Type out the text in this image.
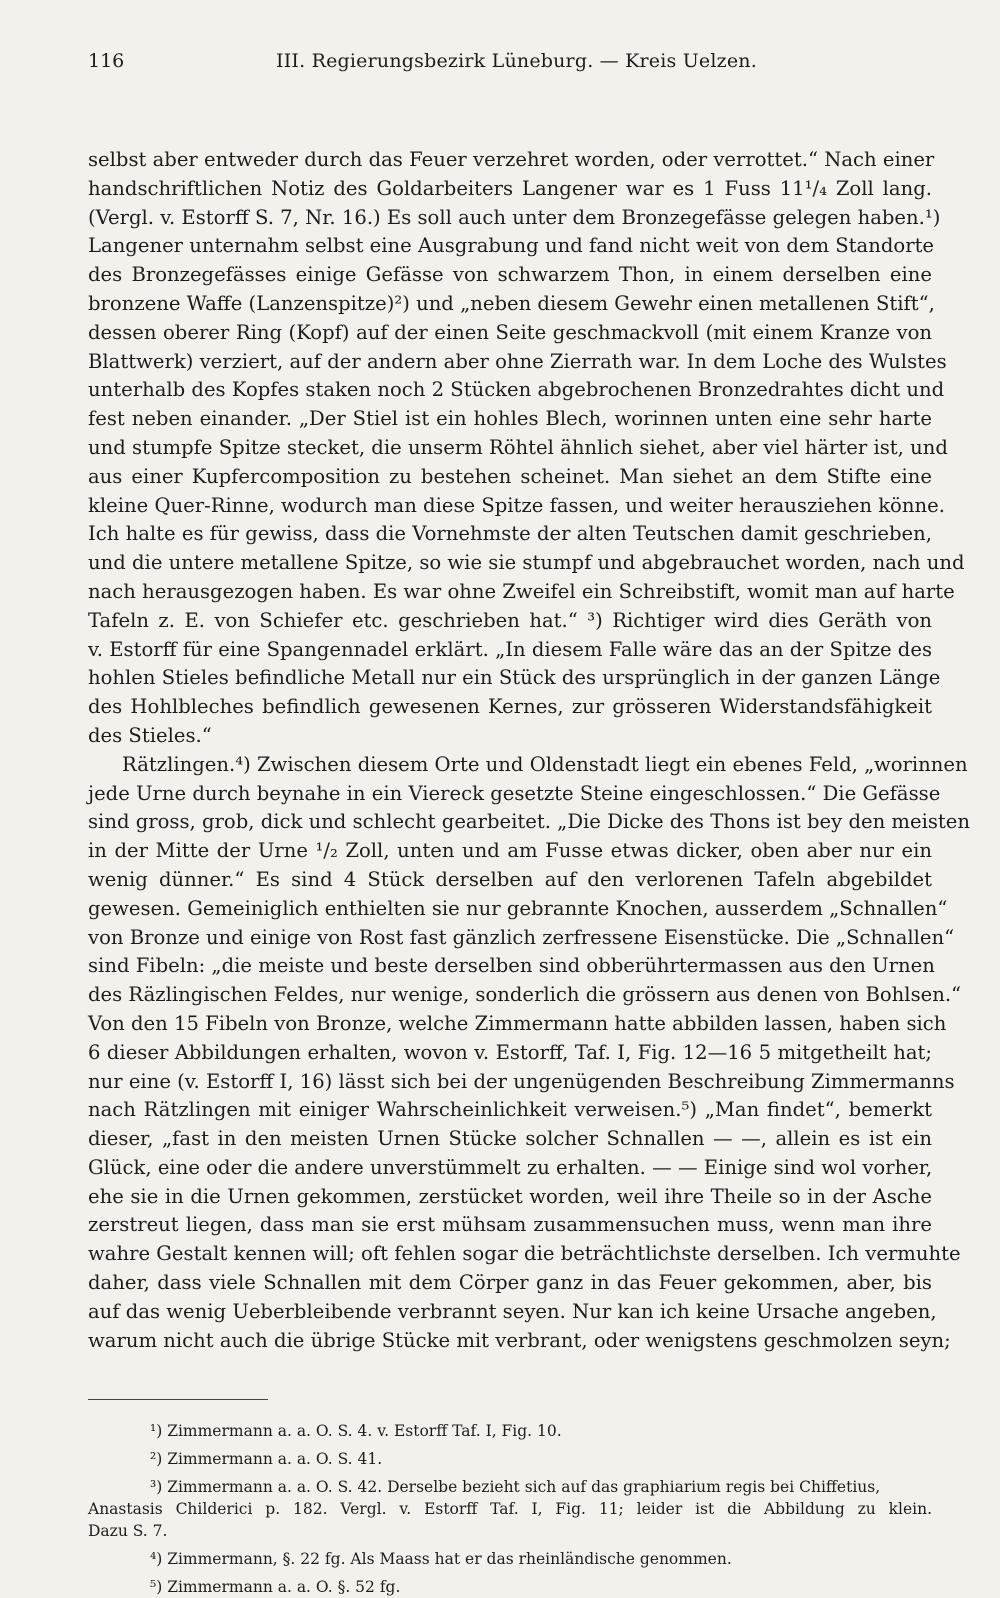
116	III. Regierungsbezirk Lüneburg. — Kreis Uelzen.
selbst aber entweder durch das Feuer verzehret worden, oder verrottet.“ Nach einer
handschriftlichen Notiz des Goldarbeiters Langener war es 1 Fuss 11¹/₄ Zoll lang.
(Vergl. v. Estorff S. 7, Nr. 16.) Es soll auch unter dem Bronzegefässe gelegen haben.¹)
Langener unternahm selbst eine Ausgrabung und fand nicht weit von dem Standorte
des Bronzegefässes einige Gefässe von schwarzem Thon, in einem derselben eine
bronzene Waffe (Lanzenspitze)²) und „neben diesem Gewehr einen metallenen Stift“,
dessen oberer Ring (Kopf) auf der einen Seite geschmackvoll (mit einem Kranze von
Blattwerk) verziert, auf der andern aber ohne Zierrath war. In dem Loche des Wulstes
unterhalb des Kopfes staken noch 2 Stücken abgebrochenen Bronzedrahtes dicht und
fest neben einander. „Der Stiel ist ein hohles Blech, worinnen unten eine sehr harte
und stumpfe Spitze stecket, die unserm Röhtel ähnlich siehet, aber viel härter ist, und
aus einer Kupfercomposition zu bestehen scheinet. Man siehet an dem Stifte eine
kleine Quer-Rinne, wodurch man diese Spitze fassen, und weiter herausziehen könne.
Ich halte es für gewiss, dass die Vornehmste der alten Teutschen damit geschrieben,
und die untere metallene Spitze, so wie sie stumpf und abgebrauchet worden, nach und
nach herausgezogen haben. Es war ohne Zweifel ein Schreibstift, womit man auf harte
Tafeln z. E. von Schiefer etc. geschrieben hat.“ ³) Richtiger wird dies Geräth von
v. Estorff für eine Spangennadel erklärt. „In diesem Falle wäre das an der Spitze des
hohlen Stieles befindliche Metall nur ein Stück des ursprünglich in der ganzen Länge
des Hohlbleches befindlich gewesenen Kernes, zur grösseren Widerstandsfähigkeit
des Stieles.“
Rätzlingen.⁴) Zwischen diesem Orte und Oldenstadt liegt ein ebenes Feld, „worinnen
jede Urne durch beynahe in ein Viereck gesetzte Steine eingeschlossen.“ Die Gefässe
sind gross, grob, dick und schlecht gearbeitet. „Die Dicke des Thons ist bey den meisten
in der Mitte der Urne ¹/₂ Zoll, unten und am Fusse etwas dicker, oben aber nur ein
wenig dünner.“ Es sind 4 Stück derselben auf den verlorenen Tafeln abgebildet
gewesen. Gemeiniglich enthielten sie nur gebrannte Knochen, ausserdem „Schnallen“
von Bronze und einige von Rost fast gänzlich zerfressene Eisenstücke. Die „Schnallen“
sind Fibeln: „die meiste und beste derselben sind obberührtermassen aus den Urnen
des Räzlingischen Feldes, nur wenige, sonderlich die grössern aus denen von Bohlsen.“
Von den 15 Fibeln von Bronze, welche Zimmermann hatte abbilden lassen, haben sich
6 dieser Abbildungen erhalten, wovon v. Estorff, Taf. I, Fig. 12—16 5 mitgetheilt hat;
nur eine (v. Estorff I, 16) lässt sich bei der ungenügenden Beschreibung Zimmermanns
nach Rätzlingen mit einiger Wahrscheinlichkeit verweisen.⁵) „Man findet“, bemerkt
dieser, „fast in den meisten Urnen Stücke solcher Schnallen — —, allein es ist ein
Glück, eine oder die andere unverstümmelt zu erhalten. — — Einige sind wol vorher,
ehe sie in die Urnen gekommen, zerstücket worden, weil ihre Theile so in der Asche
zerstreut liegen, dass man sie erst mühsam zusammensuchen muss, wenn man ihre
wahre Gestalt kennen will; oft fehlen sogar die beträchtlichste derselben. Ich vermuhte
daher, dass viele Schnallen mit dem Cörper ganz in das Feuer gekommen, aber, bis
auf das wenig Ueberbleibende verbrannt seyen. Nur kan ich keine Ursache angeben,
warum nicht auch die übrige Stücke mit verbrant, oder wenigstens geschmolzen seyn;
¹) Zimmermann a. a. O. S. 4. v. Estorff Taf. I, Fig. 10.
²) Zimmermann a. a. O. S. 41.
³) Zimmermann a. a. O. S. 42. Derselbe bezieht sich auf das graphiarium regis bei Chiffetius,
Anastasis Childerici p. 182. Vergl. v. Estorff Taf. I, Fig. 11; leider ist die Abbildung zu klein.
Dazu S. 7.
⁴) Zimmermann, §. 22 fg. Als Maass hat er das rheinländische genommen.
⁵) Zimmermann a. a. O. §. 52 fg.
